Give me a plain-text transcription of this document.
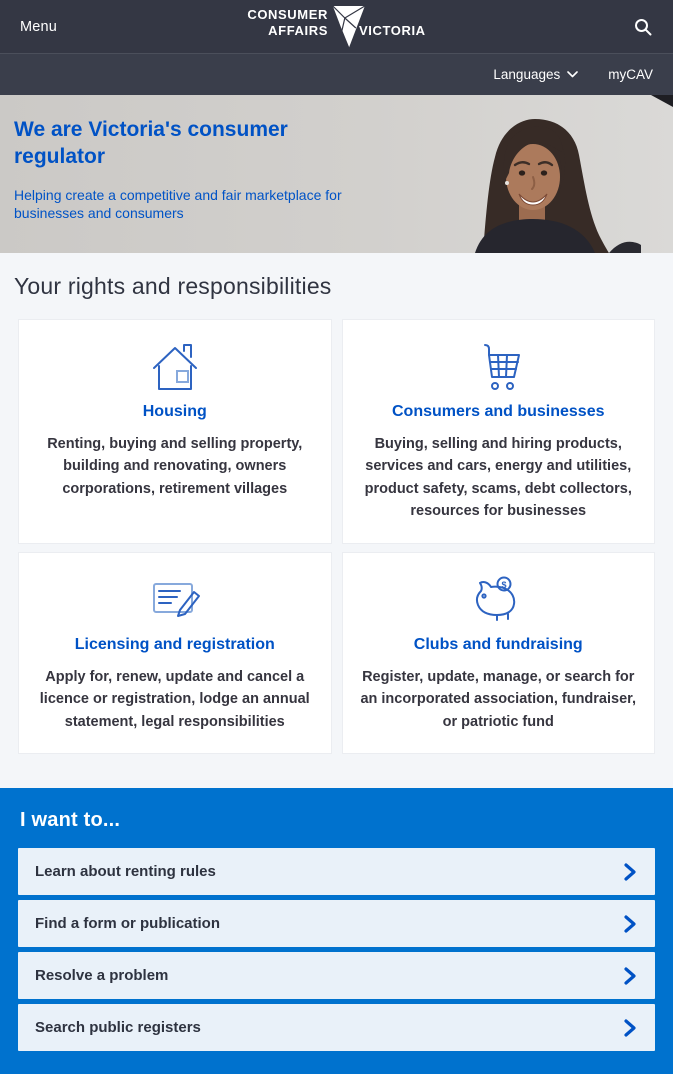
Menu
CONSUMER
AFFAIRS VICTORIA
Languages	myCAV
We are Victoria's consumer regulator
Helping create a competitive and fair marketplace for businesses and consumers
Your rights and responsibilities
Housing
Renting, buying and selling property, building and renovating, owners corporations, retirement villages
Consumers and businesses
Buying, selling and hiring products, services and cars, energy and utilities, product safety, scams, debt collectors, resources for businesses
Licensing and registration
Apply for, renew, update and cancel a licence or registration, lodge an annual statement, legal responsibilities
$
Clubs and fundraising
Register, update, manage, or search for an incorporated association, fundraiser, or patriotic fund
I want to...
Learn about renting rules
Find a form or publication
Resolve a problem
Search public registers
